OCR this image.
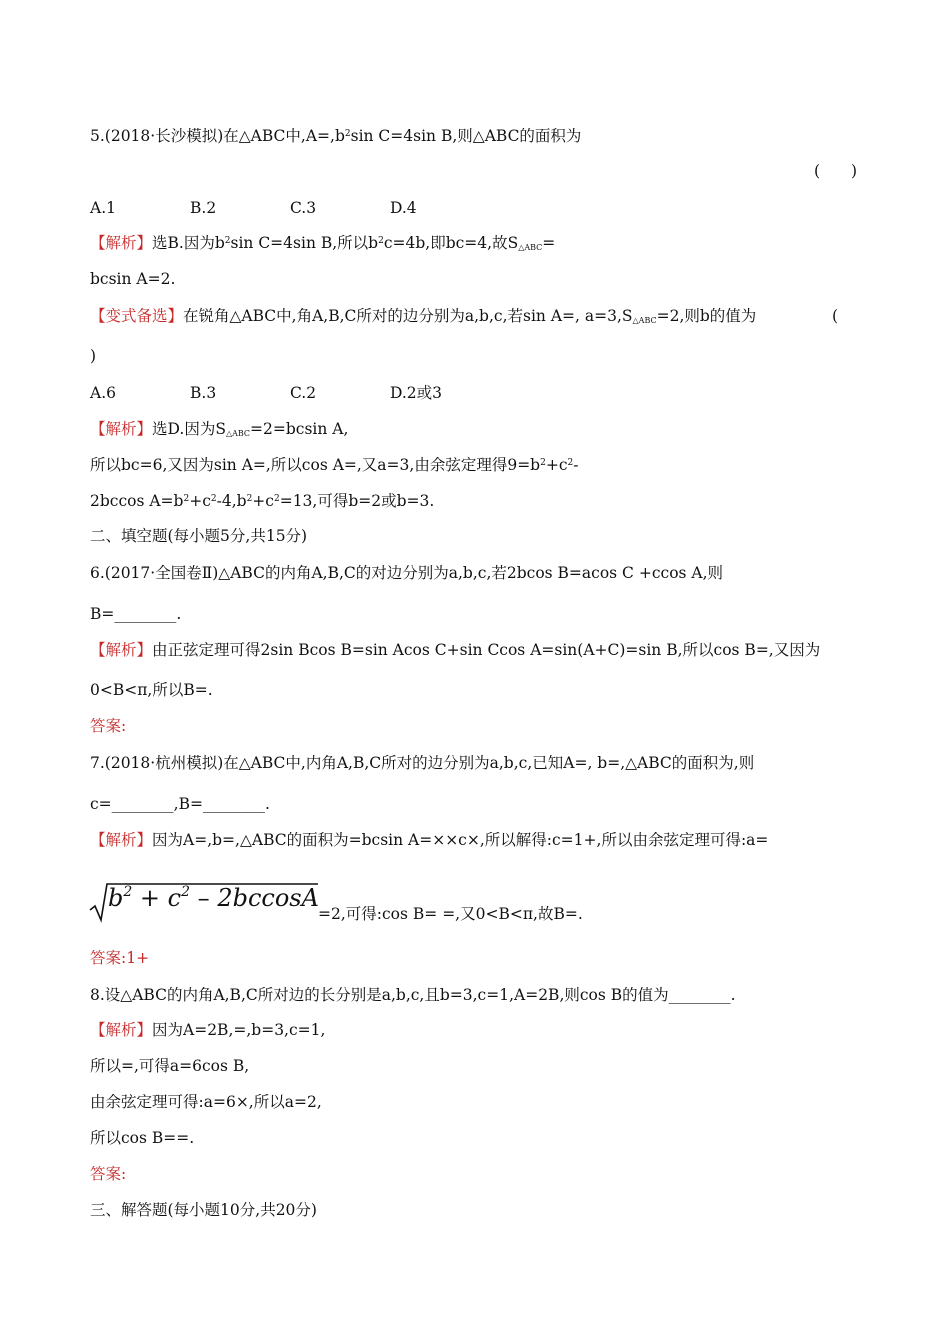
5.(2018·长沙模拟)在△ABC中$,A=,b^2\sin$ C=4sin B,则△ABC的面积为
(　　)
A.1	B.2	C.3	D.4
【解析】选B.因为$b^2\sin$ C=4sin B,所以$b^2c=4b$,即bc=4,故$S_{\triangle ABC}=$
bcsin A=2.
【变式备选】在锐角△ABC中,角A,B,C所对的边分别为a,b,c,若sin A=, $a=3,S_{\triangle ABC}=2$,则b的值为	(
)
A.6	B.3	C.2	D.2或3
【解析】选D.因为$S_{\triangle ABC}=2=bcsin$ A,
所以bc=6,又因为sin A=,所以cos A=,又a=3,由余弦定理得$9=b^2+c^2-$
2bccos $A=b^2+c^2-4,b^2+c^2=13$,可得b=2或b=3.
二、填空题(每小题5分,共15分)
6.(2017·全国卷Ⅱ)△ABC的内角A,B,C的对边分别为a,b,c,若2bcos B=acos C +ccos A,则
B=________.
【解析】由正弦定理可得2sin Bcos B=sin Acos C+sin Ccos A=sin(A+C)=sin B,所以cos B=,又因为
0<B<π,所以B=.
答案:
7.(2018·杭州模拟)在△ABC中,内角A,B,C所对的边分别为a,b,c,已知A=, b=,△ABC的面积为,则
c=________,B=________.
【解析】因为A=,b=,△ABC的面积为=bcsin A=××c×,所以解得:c=1+,所以由余弦定理可得:a=
$b^2 + c^2 - 2bccosA$
=2,可得:cos B= =,又0<B<π,故B=.
答案:1+
8.设△ABC的内角A,B,C所对边的长分别是a,b,c,且b=3,c=1,A=2B,则cos B的值为________.
【解析】因为A=2B,=,b=3,c=1,
所以=,可得a=6cos B,
由余弦定理可得:a=6×,所以a=2,
所以cos B==.
答案:
三、解答题(每小题10分,共20分)
